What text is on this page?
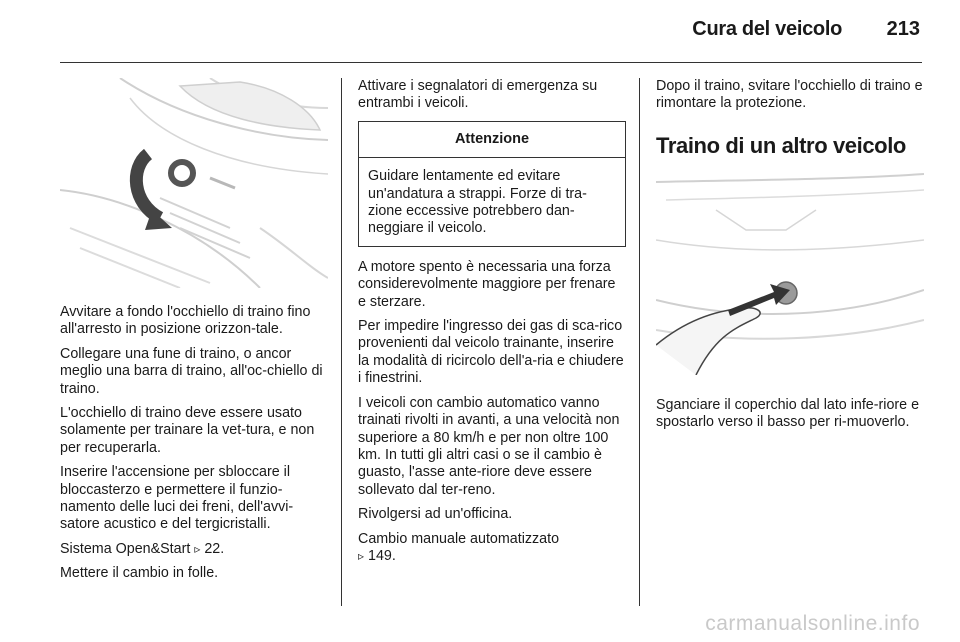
Cura del veicolo 213

Avvitare a fondo l'occhiello di traino fino all'arresto in posizione orizzon-tale.

Collegare una fune di traino, o ancor meglio una barra di traino, all'oc-chiello di traino.

L'occhiello di traino deve essere usato solamente per trainare la vet-tura, e non per recuperarla.

Inserire l'accensione per sbloccare il bloccasterzo e permettere il funzio-namento delle luci dei freni, dell'avvi-satore acustico e del tergicristalli.

Sistema Open&Start ▹ 22.

Mettere il cambio in folle.

Attivare i segnalatori di emergenza su entrambi i veicoli.

Attenzione
Guidare lentamente ed evitare un'andatura a strappi. Forze di tra-zione eccessive potrebbero dan-neggiare il veicolo.

A motore spento è necessaria una forza considerevolmente maggiore per frenare e sterzare.

Per impedire l'ingresso dei gas di sca-rico provenienti dal veicolo trainante, inserire la modalità di ricircolo dell'a-ria e chiudere i finestrini.

I veicoli con cambio automatico vanno trainati rivolti in avanti, a una velocità non superiore a 80 km/h e per non oltre 100 km. In tutti gli altri casi o se il cambio è guasto, l'asse ante-riore deve essere sollevato dal ter-reno.

Rivolgersi ad un'officina.

Cambio manuale automatizzato
▹ 149.

Dopo il traino, svitare l'occhiello di traino e rimontare la protezione.

Traino di un altro veicolo

Sganciare il coperchio dal lato infe-riore e spostarlo verso il basso per ri-muoverlo.

carmanualsonline.info
